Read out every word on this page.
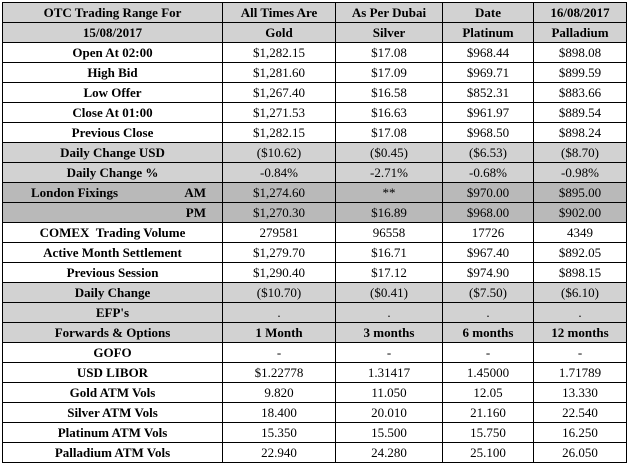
OTC Trading Range For	All Times Are	As Per Dubai	Date	16/08/2017
15/08/2017	Gold	Silver	Platinum	Palladium
Open At 02:00	$1,282.15	$17.08	$968.44	$898.08
High Bid	$1,281.60	$17.09	$969.71	$899.59
Low Offer	$1,267.40	$16.58	$852.31	$883.66
Close At 01:00	$1,271.53	$16.63	$961.97	$889.54
Previous Close	$1,282.15	$17.08	$968.50	$898.24
Daily Change USD	($10.62)	($0.45)	($6.53)	($8.70)
Daily Change %	-0.84%	-2.71%	-0.68%	-0.98%

London Fixings AM	$1,274.60	**	$970.00	$895.00

PM	$1,270.30	$16.89	$968.00	$902.00
COMEX  Trading Volume	279581	96558	17726	4349
Active Month Settlement	$1,279.70	$16.71	$967.40	$892.05
Previous Session	$1,290.40	$17.12	$974.90	$898.15
Daily Change	($10.70)	($0.41)	($7.50)	($6.10)
EFP's	.	.	.	.
Forwards & Options	1 Month	3 months	6 months	12 months
GOFO	-	-	-	-
USD LIBOR	$1.22778	1.31417	1.45000	1.71789
Gold ATM Vols	9.820	11.050	12.05	13.330
Silver ATM Vols	18.400	20.010	21.160	22.540
Platinum ATM Vols	15.350	15.500	15.750	16.250
Palladium ATM Vols	22.940	24.280	25.100	26.050
